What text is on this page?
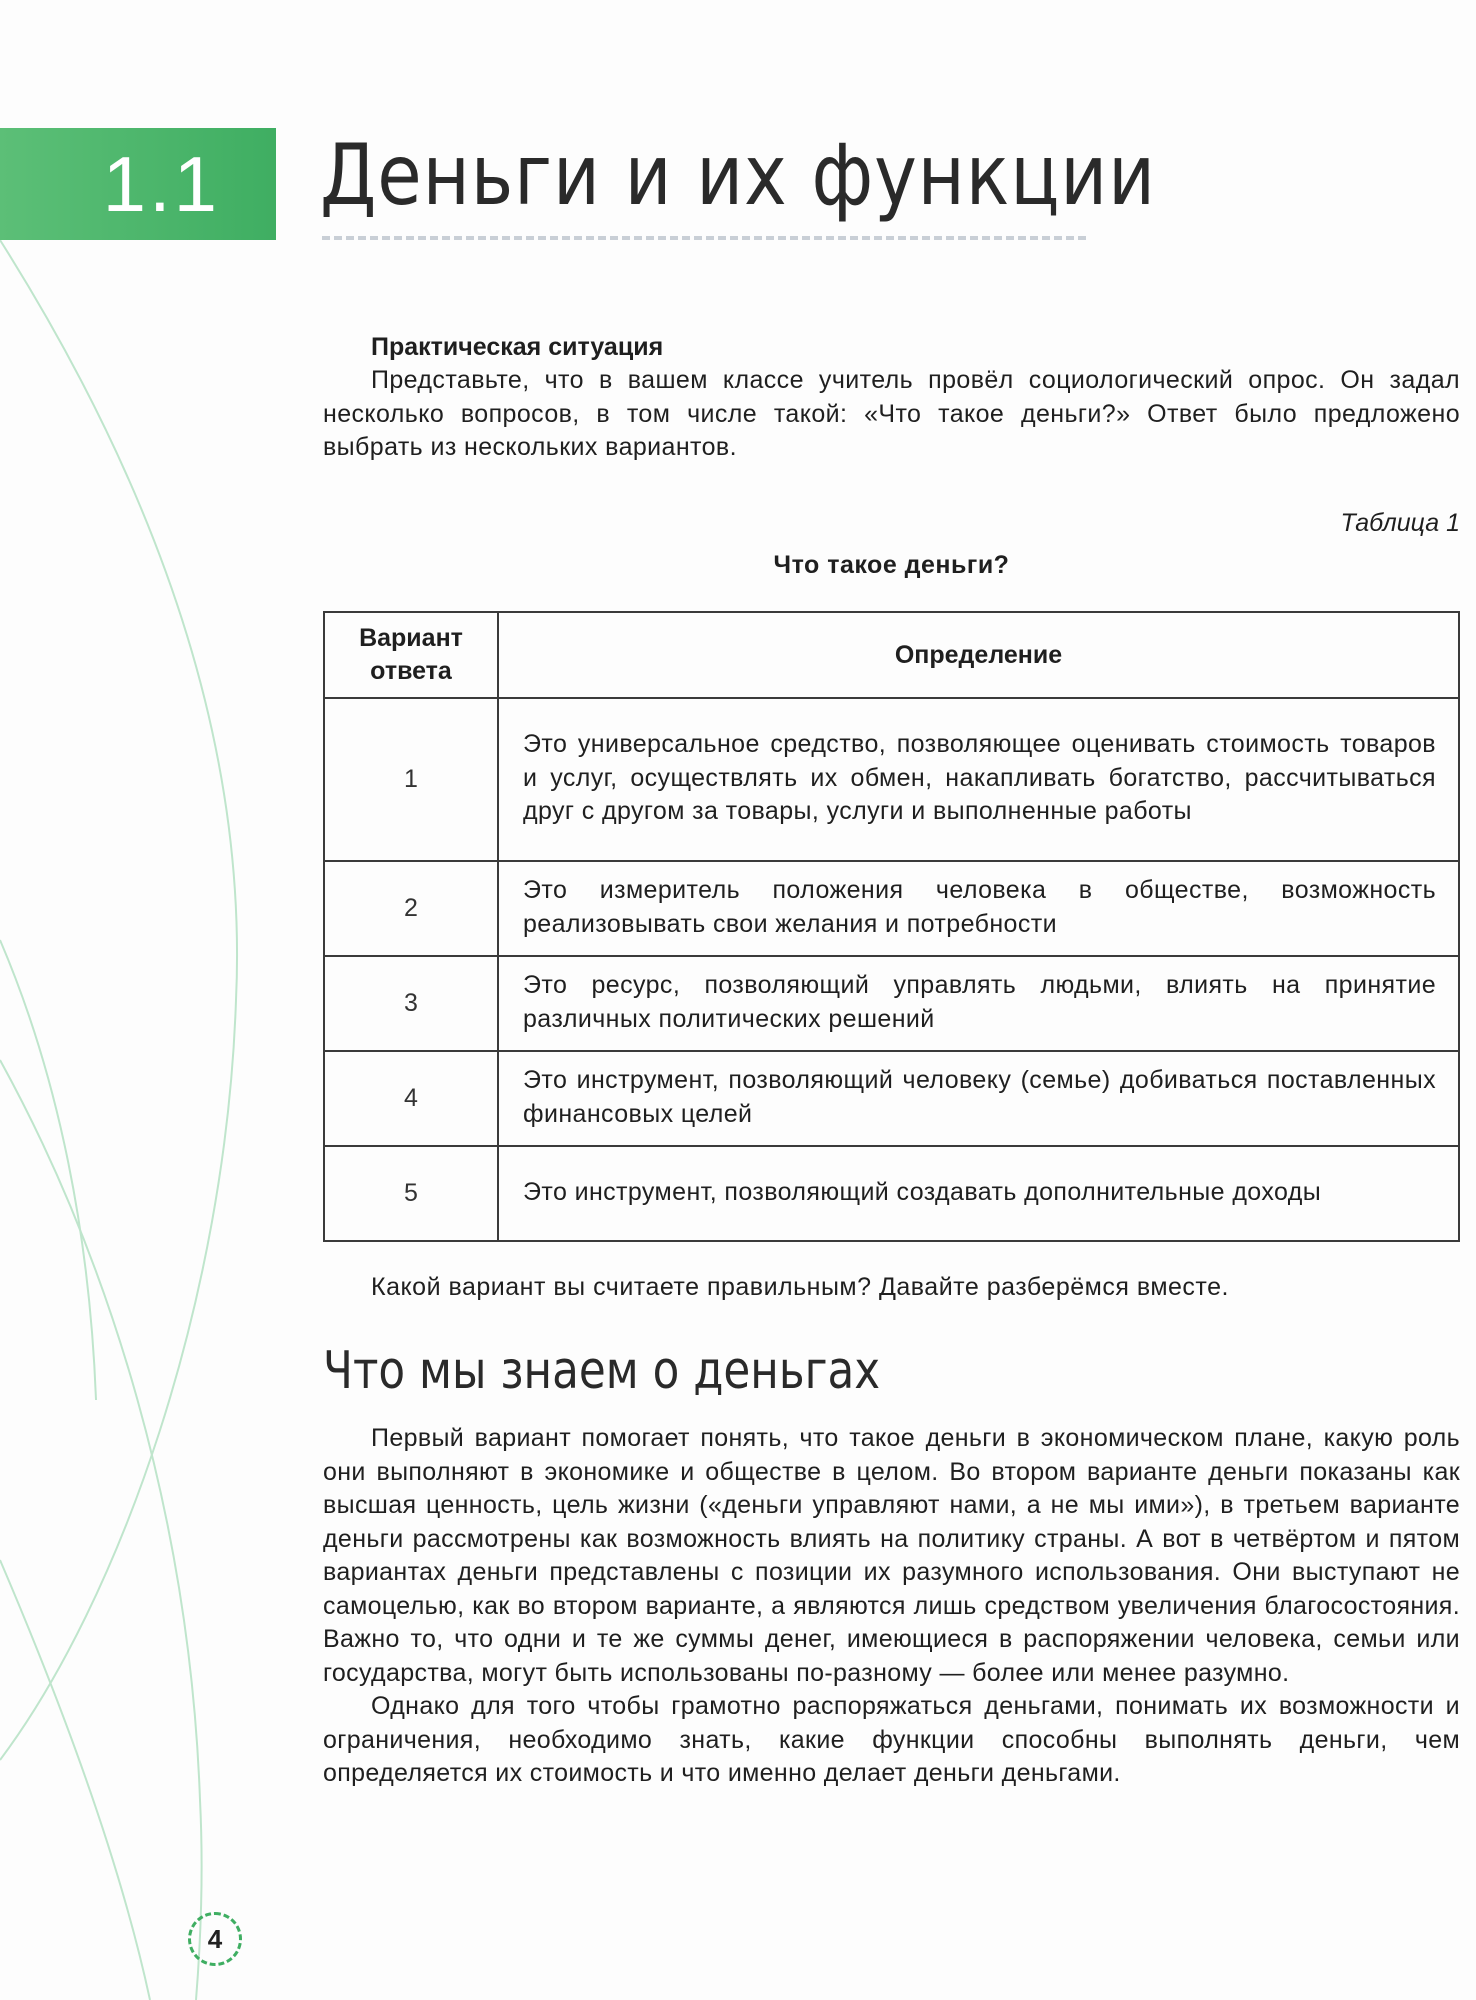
1.1	Деньги и их функции

Практическая ситуация

Представьте, что в вашем классе учитель провёл социологический опрос. Он задал несколько вопросов, в том числе такой: «Что такое деньги?» Ответ было предложено выбрать из нескольких вариантов.

Таблица 1
Что такое деньги?
Вариант ответа	Определение
1	Это универсальное средство, позволяющее оценивать стоимость товаров и услуг, осуществлять их обмен, накапливать богатство, рассчитываться друг с другом за товары, услуги и выполненные работы
2	Это измеритель положения человека в обществе, возможность реализовывать свои желания и потребности
3	Это ресурс, позволяющий управлять людьми, влиять на принятие различных политических решений
4	Это инструмент, позволяющий человеку (семье) добиваться поставленных финансовых целей
5	Это инструмент, позволяющий создавать дополнительные доходы

Какой вариант вы считаете правильным? Давайте разберёмся вместе.

Что мы знаем о деньгах

Первый вариант помогает понять, что такое деньги в экономическом плане, какую роль они выполняют в экономике и обществе в целом. Во втором варианте деньги показаны как высшая ценность, цель жизни («деньги управляют нами, а не мы ими»), в третьем варианте деньги рассмотрены как возможность влиять на политику страны. А вот в четвёртом и пятом вариантах деньги представлены с позиции их разумного использования. Они выступают не самоцелью, как во втором варианте, а являются лишь средством увеличения благосостояния. Важно то, что одни и те же суммы денег, имеющиеся в распоряжении человека, семьи или государства, могут быть использованы по-разному — более или менее разумно.

Однако для того чтобы грамотно распоряжаться деньгами, понимать их возможности и ограничения, необходимо знать, какие функции способны выполнять деньги, чем определяется их стоимость и что именно делает деньги деньгами.

4
